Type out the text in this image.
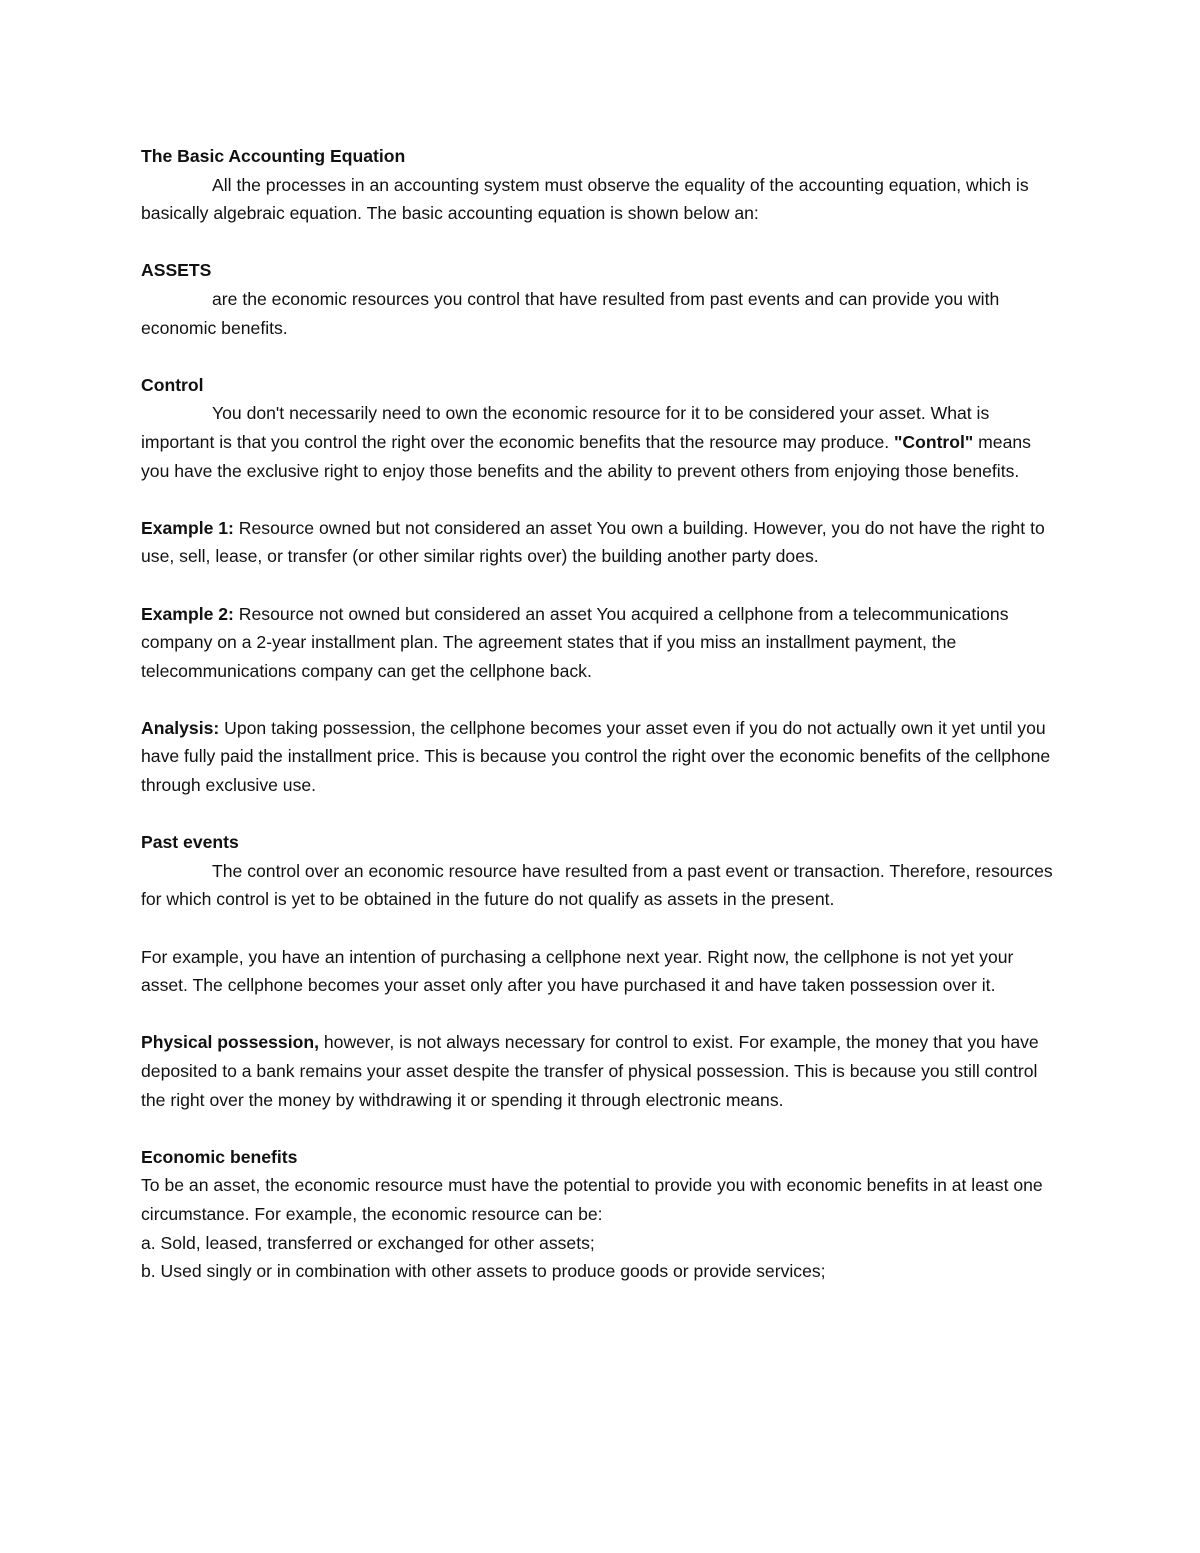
The Basic Accounting Equation

All the processes in an accounting system must observe the equality of the accounting equation, which is basically algebraic equation. The basic accounting equation is shown below an:

ASSETS

are the economic resources you control that have resulted from past events and can provide you with economic benefits.

Control

You don't necessarily need to own the economic resource for it to be considered your asset. What is important is that you control the right over the economic benefits that the resource may produce. "Control" means you have the exclusive right to enjoy those benefits and the ability to prevent others from enjoying those benefits.

Example 1: Resource owned but not considered an asset You own a building. However, you do not have the right to use, sell, lease, or transfer (or other similar rights over) the building another party does.

Example 2: Resource not owned but considered an asset You acquired a cellphone from a telecommunications company on a 2-year installment plan. The agreement states that if you miss an installment payment, the telecommunications company can get the cellphone back.

Analysis: Upon taking possession, the cellphone becomes your asset even if you do not actually own it yet until you have fully paid the installment price. This is because you control the right over the economic benefits of the cellphone through exclusive use.

Past events

The control over an economic resource have resulted from a past event or transaction. Therefore, resources for which control is yet to be obtained in the future do not qualify as assets in the present.

For example, you have an intention of purchasing a cellphone next year. Right now, the cellphone is not yet your asset. The cellphone becomes your asset only after you have purchased it and have taken possession over it.

Physical possession, however, is not always necessary for control to exist. For example, the money that you have deposited to a bank remains your asset despite the transfer of physical possession. This is because you still control the right over the money by withdrawing it or spending it through electronic means.

Economic benefits

To be an asset, the economic resource must have the potential to provide you with economic benefits in at least one circumstance. For example, the economic resource can be:

a. Sold, leased, transferred or exchanged for other assets;

b. Used singly or in combination with other assets to produce goods or provide services;
